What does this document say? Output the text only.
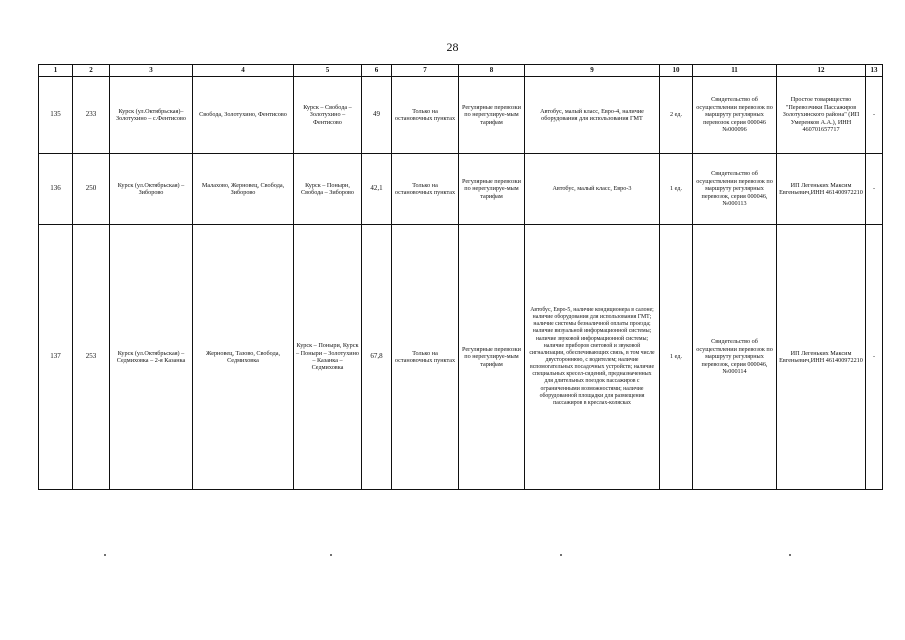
28
1	2	3	4	5	6	7	8	9	10	11	12	13
135	233	Курск (ул.Октябрьская)– Золотухино – с.Фентисово	Свобода, Золотухино, Фентисово	Курск – Свобода – Золотухино – Фентисово	49	Только на остановочных пунктах	Регулярные перевозки по нерегулируе-мым тарифам	Автобус, малый класс, Евро-4, наличие оборудования для использования ГМТ	2 ед.	Свидетельство об осуществлении перевозок по маршруту регулярных перевозок серия 000046 №000096	Простое товарищество "Перевозчики Пассажиров Золотухинского района" (ИП Умеренков А.А.), ИНН 460701657717	-
136	250	Курск (ул.Октябрьская) – Зиборово	Малахово, Жерновец, Свобода, Зиборово	Курск – Понырн, Свобода – Зиборово	42,1	Только на остановочных пунктах	Регулярные перевозки по нерегулируе-мым тарифам	Автобус, малый класс, Евро-3	1 ед.	Свидетельство об осуществлении перевозок по маршруту регулярных перевозок, серия 000046, №000113	ИП Легеньких Максим Евгеньевич,ИНН 461400972210	-
137	253	Курск (ул.Октябрьская) – Седмиховка – 2-я Казанка	Жерновец, Тазово, Свобода, Седмиховка	Курск – Поныри, Курск – Поныри – Золотухино – Казанка – Седмиховка	67,8	Только на остановочных пунктах	Регулярные перевозки по нерегулируе-мым тарифам	Автобус, Евро-5, наличие кондиционера в салоне; наличие оборудования для использования ГМТ; наличие системы безналичной оплаты проезда; наличие визуальной информационной системы; наличие звуковой информационной системы; наличие приборов световой и звуковой сигнализации, обеспечивающих связь, в том числе двустороннюю, с водителем; наличие вспомогательных посадочных устройств; наличие специальных кресел-сидений, предназначенных для длительных поездок пассажиров с ограниченными возможностями; наличие оборудованной площадки для размещения пассажиров в креслах-колясках	1 ед.	Свидетельство об осуществлении перевозок по маршруту регулярных перевозок, серия 000046, №000114	ИП Легеньких Максим Евгеньевич,ИНН 461400972210	-
